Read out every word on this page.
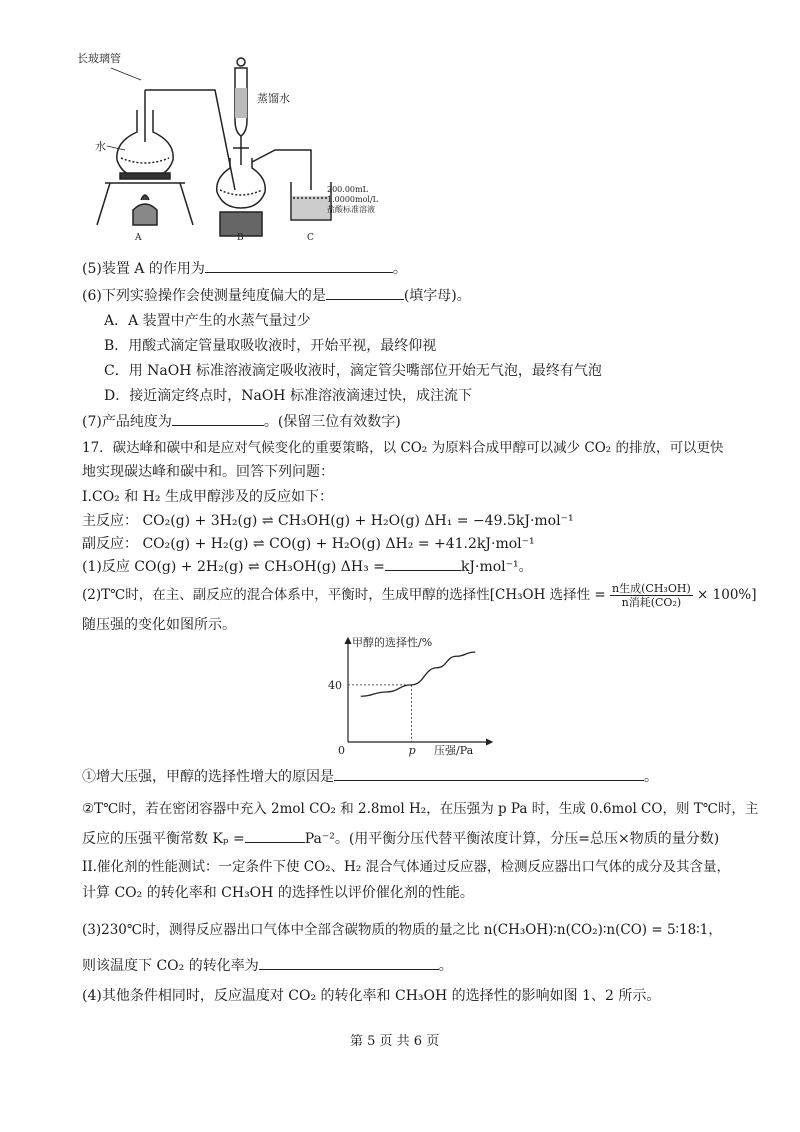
长玻璃管
水
蒸馏水
200.00mL
1.0000mol/L
盐酸标准溶液
A	B	C
(5)装置 A 的作用为	。
(6)下列实验操作会使测量纯度偏大的是	(填字母)。
A．A 装置中产生的水蒸气量过少
B．用酸式滴定管量取吸收液时，开始平视，最终仰视
C．用 NaOH 标准溶液滴定吸收液时，滴定管尖嘴部位开始无气泡，最终有气泡
D．接近滴定终点时，NaOH 标准溶液滴速过快，成注流下
(7)产品纯度为	。(保留三位有效数字)
17．碳达峰和碳中和是应对气候变化的重要策略，以 CO₂ 为原料合成甲醇可以减少 CO₂ 的排放，可以更快
地实现碳达峰和碳中和。回答下列问题：
I.CO₂ 和 H₂ 生成甲醇涉及的反应如下：
主反应： CO₂(g) + 3H₂(g) ⇌ CH₃OH(g) + H₂O(g) ΔH₁ = −49.5kJ·mol⁻¹
副反应： CO₂(g) + H₂(g) ⇌ CO(g) + H₂O(g) ΔH₂ = +41.2kJ·mol⁻¹
(1)反应 CO(g) + 2H₂(g) ⇌ CH₃OH(g) ΔH₃ =	kJ·mol⁻¹。
(2)T℃时，在主、副反应的混合体系中，平衡时，生成甲醇的选择性[CH₃OH 选择性 = $\frac{\text{n生成(CH₃OH)}}{\text{n消耗(CO₂)}} \times 100\%$]
随压强的变化如图所示。
甲醇的选择性/%
压强/Pa
0	p
40
①增大压强，甲醇的选择性增大的原因是	。
②T℃时，若在密闭容器中充入 2mol CO₂ 和 2.8mol H₂，在压强为 p Pa 时，生成 0.6mol CO，则 T℃时，主
反应的压强平衡常数 Kₚ =	Pa⁻²。(用平衡分压代替平衡浓度计算，分压=总压×物质的量分数)
II.催化剂的性能测试：一定条件下使 CO₂、H₂ 混合气体通过反应器，检测反应器出口气体的成分及其含量，
计算 CO₂ 的转化率和 CH₃OH 的选择性以评价催化剂的性能。
(3)230℃时，测得反应器出口气体中全部含碳物质的物质的量之比 n(CH₃OH)∶n(CO₂)∶n(CO) = 5∶18∶1，
则该温度下 CO₂ 的转化率为	。
(4)其他条件相同时，反应温度对 CO₂ 的转化率和 CH₃OH 的选择性的影响如图 1、2 所示。
第 5 页 共 6 页
